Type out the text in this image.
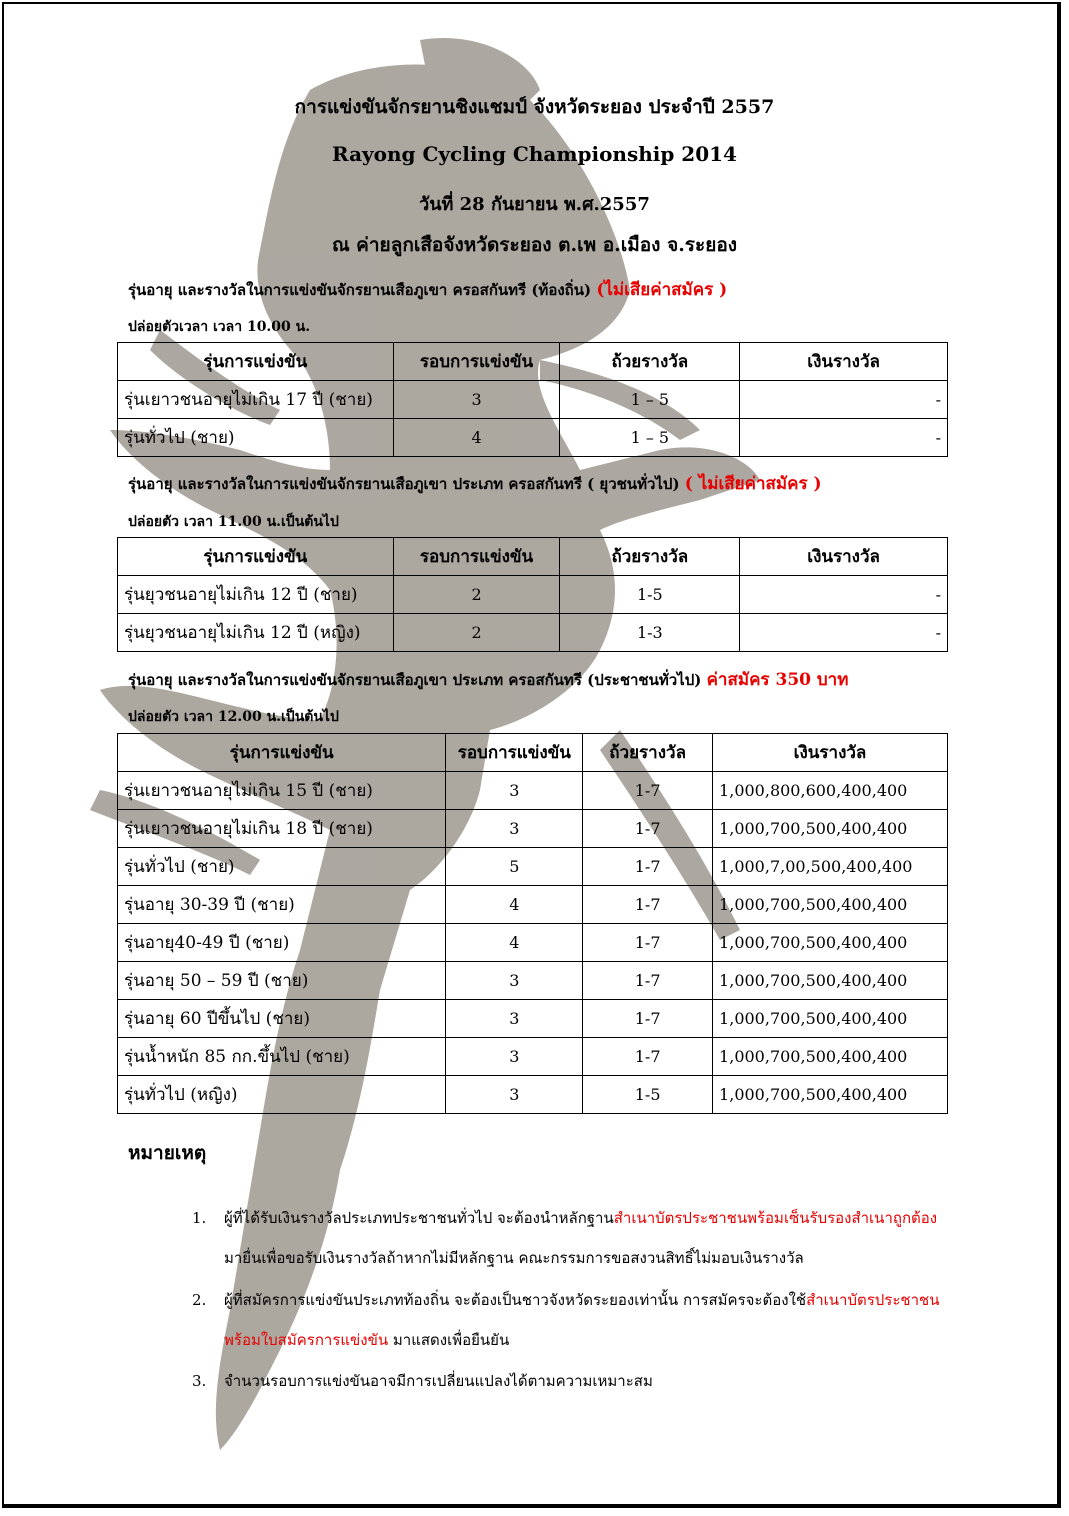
การแข่งขันจักรยานชิงแชมป์ จังหวัดระยอง ประจำปี 2557
Rayong Cycling Championship 2014
วันที่ 28 กันยายน พ.ศ.2557
ณ ค่ายลูกเสือจังหวัดระยอง ต.เพ อ.เมือง จ.ระยอง
รุ่นอายุ และรางวัลในการแข่งขันจักรยานเสือภูเขา ครอสกันทรี (ท้องถิ่น) (ไม่เสียค่าสมัคร )
ปล่อยตัวเวลา เวลา 10.00 น.
รุ่นการแข่งขัน	รอบการแข่งขัน	ถ้วยรางวัล	เงินรางวัล
รุ่นเยาวชนอายุไม่เกิน 17 ปี (ชาย)	3	1 – 5	-
รุ่นทั่วไป (ชาย)	4	1 – 5	-
รุ่นอายุ และรางวัลในการแข่งขันจักรยานเสือภูเขา ประเภท ครอสกันทรี ( ยุวชนทั่วไป) ( ไม่เสียค่าสมัคร )
ปล่อยตัว เวลา 11.00 น.เป็นต้นไป
รุ่นการแข่งขัน	รอบการแข่งขัน	ถ้วยรางวัล	เงินรางวัล
รุ่นยุวชนอายุไม่เกิน 12 ปี (ชาย)	2	1-5	-
รุ่นยุวชนอายุไม่เกิน 12 ปี (หญิง)	2	1-3	-
รุ่นอายุ และรางวัลในการแข่งขันจักรยานเสือภูเขา ประเภท ครอสกันทรี (ประชาชนทั่วไป) ค่าสมัคร 350 บาท
ปล่อยตัว เวลา 12.00 น.เป็นต้นไป
รุ่นการแข่งขัน	รอบการแข่งขัน	ถ้วยรางวัล	เงินรางวัล
รุ่นเยาวชนอายุไม่เกิน 15 ปี (ชาย)	3	1-7	1,000,800,600,400,400
รุ่นเยาวชนอายุไม่เกิน 18 ปี (ชาย)	3	1-7	1,000,700,500,400,400
รุ่นทั่วไป (ชาย)	5	1-7	1,000,7,00,500,400,400
รุ่นอายุ 30-39 ปี (ชาย)	4	1-7	1,000,700,500,400,400
รุ่นอายุ40-49 ปี (ชาย)	4	1-7	1,000,700,500,400,400
รุ่นอายุ 50 – 59 ปี (ชาย)	3	1-7	1,000,700,500,400,400
รุ่นอายุ 60 ปีขึ้นไป (ชาย)	3	1-7	1,000,700,500,400,400
รุ่นน้ำหนัก 85 กก.ขึ้นไป (ชาย)	3	1-7	1,000,700,500,400,400
รุ่นทั่วไป (หญิง)	3	1-5	1,000,700,500,400,400
หมายเหตุ
1. ผู้ที่ได้รับเงินรางวัลประเภทประชาชนทั่วไป จะต้องนำหลักฐานสำเนาบัตรประชาชนพร้อมเซ็นรับรองสำเนาถูกต้องมายื่นเพื่อขอรับเงินรางวัลถ้าหากไม่มีหลักฐาน คณะกรรมการขอสงวนสิทธิ์ไม่มอบเงินรางวัล
2. ผู้ที่สมัครการแข่งขันประเภทท้องถิ่น จะต้องเป็นชาวจังหวัดระยองเท่านั้น การสมัครจะต้องใช้สำเนาบัตรประชาชนพร้อมใบสมัครการแข่งขัน มาแสดงเพื่อยืนยัน
3. จำนวนรอบการแข่งขันอาจมีการเปลี่ยนแปลงได้ตามความเหมาะสม
